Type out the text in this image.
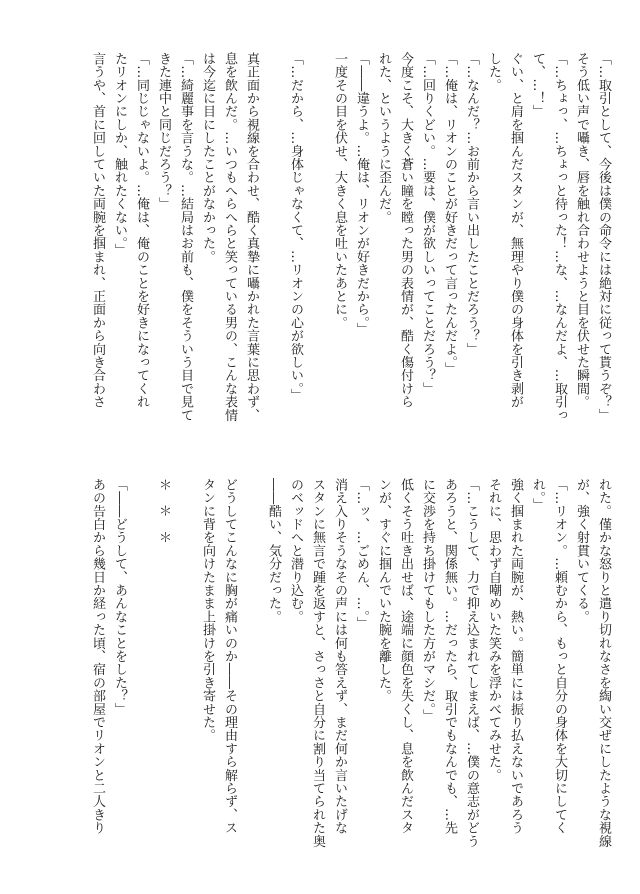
「…取引として、今後は僕の命令には絶対に従って貰うぞ？」
そう低い声で囁き、唇を触れ合わせようと目を伏せた瞬間。
「…ちょっ、…ちょっと待った！…な、…なんだよ、…取引っ
て、…！」
ぐい、と肩を掴んだスタンが、無理やり僕の身体を引き剥が
した。
「…なんだ？…お前から言い出したことだろう？」
「…俺は、リオンのことが好きだって言ったんだよ。」
「…回りくどい。…要は、僕が欲しいってことだろう？」
今度こそ、大きく蒼い瞳を瞠った男の表情が、酷く傷付けら
れた、というように歪んだ。
「――違うよ。…俺は、リオンが好きだから。」
一度その目を伏せ、大きく息を吐いたあとに。

「…だから、…身体じゃなくて、…リオンの心が欲しい。」

真正面から視線を合わせ、酷く真摯に囁かれた言葉に思わず、
息を飲んだ。…いつもへらへらと笑っている男の、こんな表情
は今迄に目にしたことがなかった。
「…綺麗事を言うな。…結局はお前も、僕をそういう目で見て
きた連中と同じだろう？」
「…同じじゃないよ。…俺は、俺のことを好きになってくれ
たリオンにしか、触れたくない。」
言うや、首に回していた両腕を掴まれ、正面から向き合わさ
れた。僅かな怒りと遣り切れなさを綯い交ぜにしたような視線
が、強く射貫いてくる。
「…リオン。…頼むから、もっと自分の身体を大切にしてく
れ。」
強く掴まれた両腕が、熱い。簡単には振り払えないであろう
それに、思わず自嘲めいた笑みを浮かべてみせた。
「…こうして、力で抑え込まれてしまえば、…僕の意志がどう
あろうと、関係無い。…だったら、取引でもなんでも、…先
に交渉を持ち掛けてもした方がマシだ。」
低くそう吐き出せば、途端に顔色を失くし、息を飲んだスタ
ンが、すぐに掴んでいた腕を離した。
「…ッ、…ごめん、…。」
消え入りそうなその声には何も答えず、まだ何か言いたげな
スタンに無言で踵を返すと、さっさと自分に割り当てられた奥
のベッドへと潜り込む。
――酷い、気分だった。

どうしてこんなに胸が痛いのか――その理由すら解らず、ス
タンに背を向けたまま上掛けを引き寄せた。

＊　＊　＊

「――どうして、あんなことをした？」
あの告白から幾日か経った頃、宿の部屋でリオンと二人きり
